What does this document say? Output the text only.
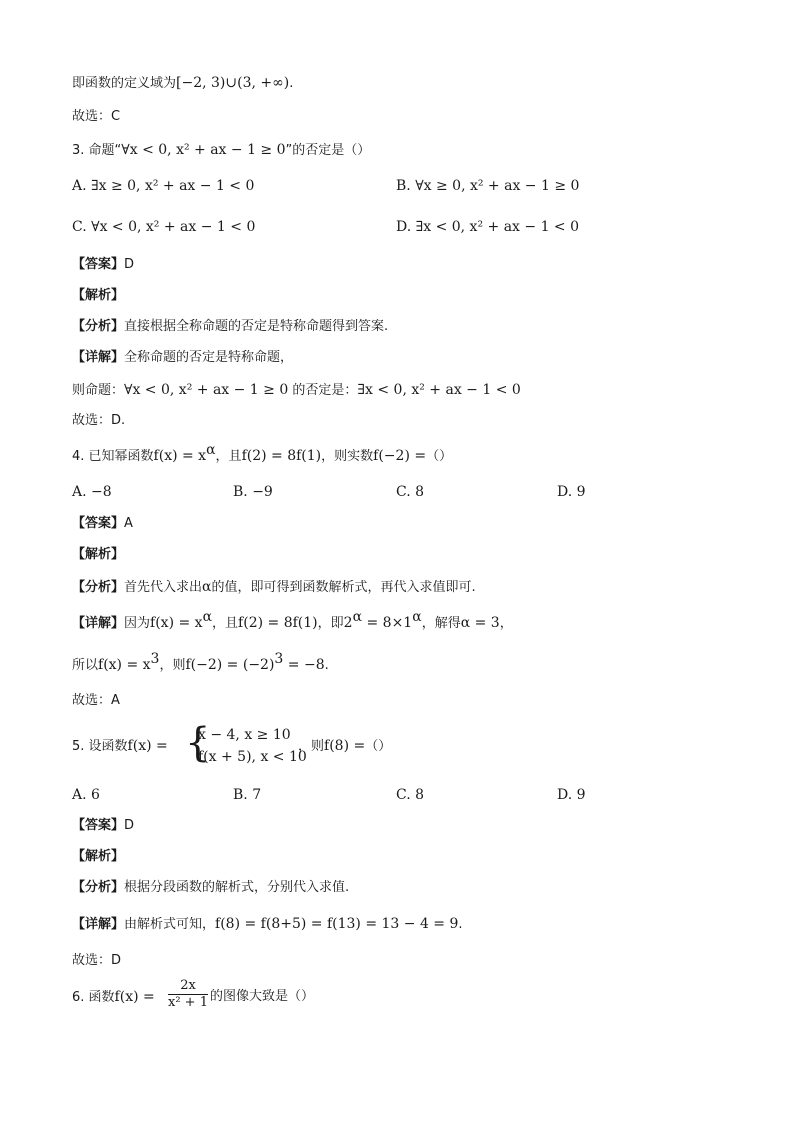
即函数的定义域为[−2, 3)∪(3, +∞).
故选：C
3. 命题“∀x < 0, x² + ax − 1 ≥ 0”的否定是（）
A. ∃x ≥ 0, x² + ax − 1 < 0	B. ∀x ≥ 0, x² + ax − 1 ≥ 0
C. ∀x < 0, x² + ax − 1 < 0	D. ∃x < 0, x² + ax − 1 < 0
【答案】D
【解析】
【分析】直接根据全称命题的否定是特称命题得到答案.
【详解】全称命题的否定是特称命题，
则命题：∀x < 0, x² + ax − 1 ≥ 0 的否定是：∃x < 0, x² + ax − 1 < 0
故选：D.
4. 已知幂函数$f(x) = x^\alpha$，且f(2) = 8f(1)，则实数f(−2) =（）
A. −8	B. −9	C. 8	D. 9
【答案】A
【解析】
【分析】首先代入求出α的值，即可得到函数解析式，再代入求值即可.
【详解】因为$f(x) = x^\alpha$，且f(2) = 8f(1)，即$2^\alpha = 8\times 1^\alpha$，解得α = 3，
所以$f(x) = x^3$，则$f(-2) = (-2)^3 = -8$.
故选：A
5. 设函数f(x) = {
x − 4, x ≥ 10
f(x + 5), x < 10
，则f(8) =（）
A. 6	B. 7	C. 8	D. 9
【答案】D
【解析】
【分析】根据分段函数的解析式，分别代入求值.
【详解】由解析式可知，f(8) = f(8+5) = f(13) = 13 − 4 = 9.
故选：D
6. 函数$f(x) = \frac{2x}{\text{x² + 1}}$ 的图像大致是（）
